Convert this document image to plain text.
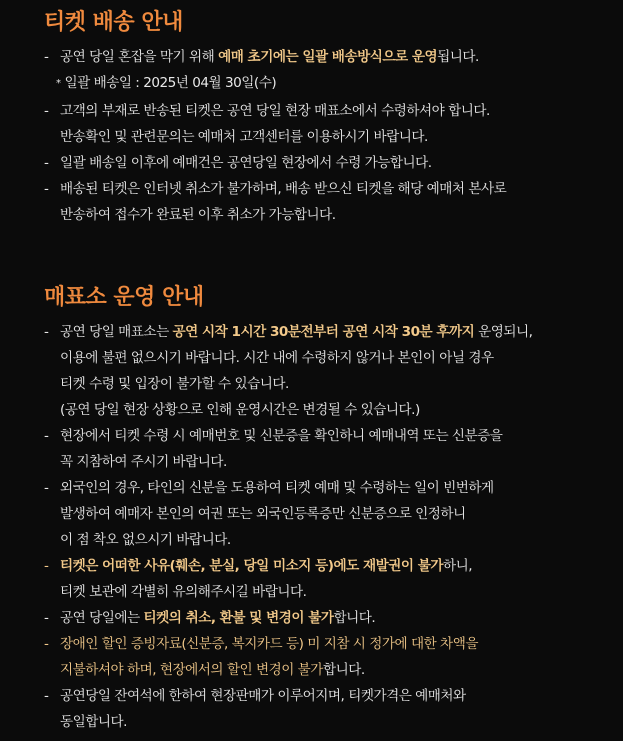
티켓 배송 안내
- 공연 당일 혼잡을 막기 위해 예매 초기에는 일괄 배송방식으로 운영됩니다.
* 일괄 배송일 : 2025년 04월 30일(수)
- 고객의 부재로 반송된 티켓은 공연 당일 현장 매표소에서 수령하셔야 합니다.
반송확인 및 관련문의는 예매처 고객센터를 이용하시기 바랍니다.
- 일괄 배송일 이후에 예매건은 공연당일 현장에서 수령 가능합니다.
- 배송된 티켓은 인터넷 취소가 불가하며, 배송 받으신 티켓을 해당 예매처 본사로
반송하여 접수가 완료된 이후 취소가 가능합니다.
매표소 운영 안내
- 공연 당일 매표소는 공연 시작 1시간 30분전부터 공연 시작 30분 후까지 운영되니,
이용에 불편 없으시기 바랍니다. 시간 내에 수령하지 않거나 본인이 아닐 경우
티켓 수령 및 입장이 불가할 수 있습니다.
(공연 당일 현장 상황으로 인해 운영시간은 변경될 수 있습니다.)
- 현장에서 티켓 수령 시 예매번호 및 신분증을 확인하니 예매내역 또는 신분증을
꼭 지참하여 주시기 바랍니다.
- 외국인의 경우, 타인의 신분을 도용하여 티켓 예매 및 수령하는 일이 빈번하게
발생하여 예매자 본인의 여권 또는 외국인등록증만 신분증으로 인정하니
이 점 착오 없으시기 바랍니다.
- 티켓은 어떠한 사유(훼손, 분실, 당일 미소지 등)에도 재발권이 불가하니,
티켓 보관에 각별히 유의해주시길 바랍니다.
- 공연 당일에는 티켓의 취소, 환불 및 변경이 불가합니다.
- 장애인 할인 증빙자료(신분증, 복지카드 등) 미 지참 시 정가에 대한 차액을
지불하셔야 하며, 현장에서의 할인 변경이 불가합니다.
- 공연당일 잔여석에 한하여 현장판매가 이루어지며, 티켓가격은 예매처와
동일합니다.
